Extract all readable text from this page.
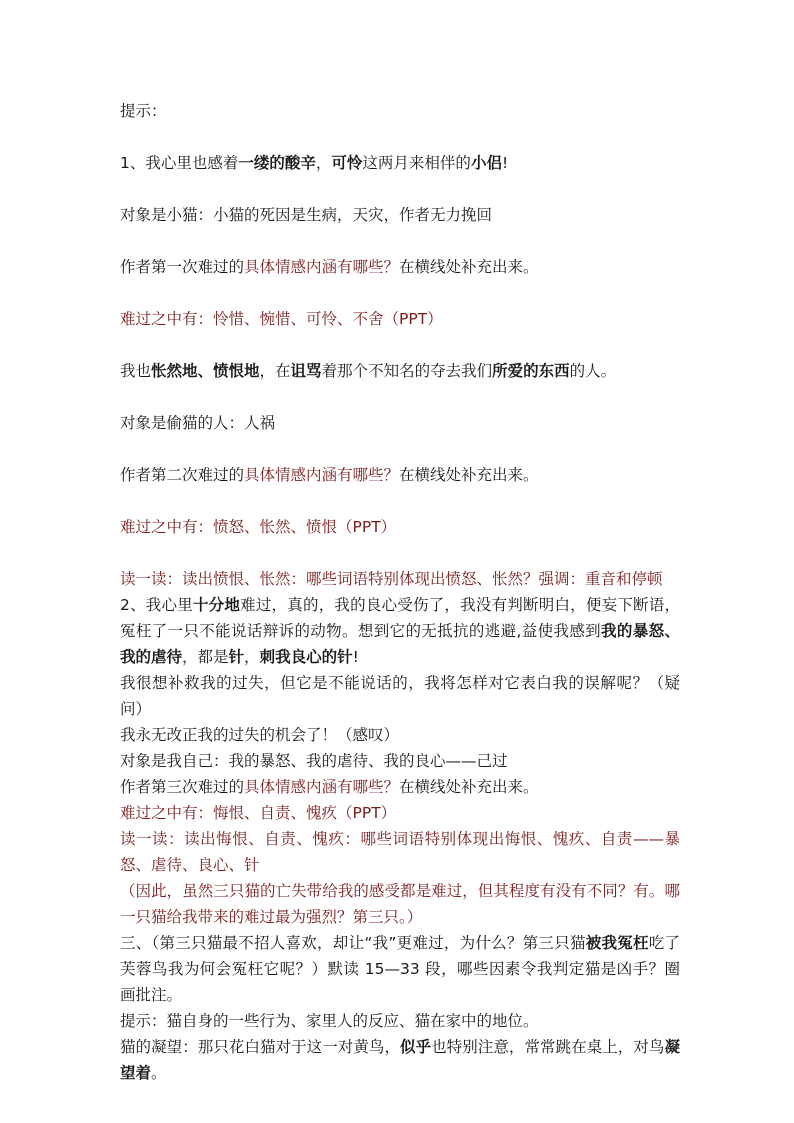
提示：
1、我心里也感着一缕的酸辛，可怜这两月来相伴的小侣!
对象是小猫：小猫的死因是生病，天灾，作者无力挽回
作者第一次难过的具体情感内涵有哪些？在横线处补充出来。
难过之中有：怜惜、惋惜、可怜、不舍（PPT）
我也怅然地、愤恨地，在诅骂着那个不知名的夺去我们所爱的东西的人。
对象是偷猫的人：人祸
作者第二次难过的具体情感内涵有哪些？在横线处补充出来。
难过之中有：愤怒、怅然、愤恨（PPT）
读一读：读出愤恨、怅然：哪些词语特别体现出愤怒、怅然？强调：重音和停顿
2、我心里十分地难过，真的，我的良心受伤了，我没有判断明白，便妄下断语，冤枉了一只不能说话辩诉的动物。想到它的无抵抗的逃避,益使我感到我的暴怒、我的虐待，都是针，刺我良心的针!
我很想补救我的过失，但它是不能说话的，我将怎样对它表白我的误解呢？（疑问）
我永无改正我的过失的机会了！（感叹）
对象是我自己：我的暴怒、我的虐待、我的良心——己过
作者第三次难过的具体情感内涵有哪些？在横线处补充出来。
难过之中有：悔恨、自责、愧疚（PPT）
读一读：读出悔恨、自责、愧疚：哪些词语特别体现出悔恨、愧疚、自责——暴怒、虐待、良心、针
（因此，虽然三只猫的亡失带给我的感受都是难过，但其程度有没有不同？有。哪一只猫给我带来的难过最为强烈？第三只。）
三、（第三只猫最不招人喜欢，却让“我”更难过，为什么？第三只猫被我冤枉吃了芙蓉鸟我为何会冤枉它呢？）默读 15—33 段，哪些因素令我判定猫是凶手？圈画批注。
提示：猫自身的一些行为、家里人的反应、猫在家中的地位。
猫的凝望：那只花白猫对于这一对黄鸟，似乎也特别注意，常常跳在桌上，对鸟凝望着。
